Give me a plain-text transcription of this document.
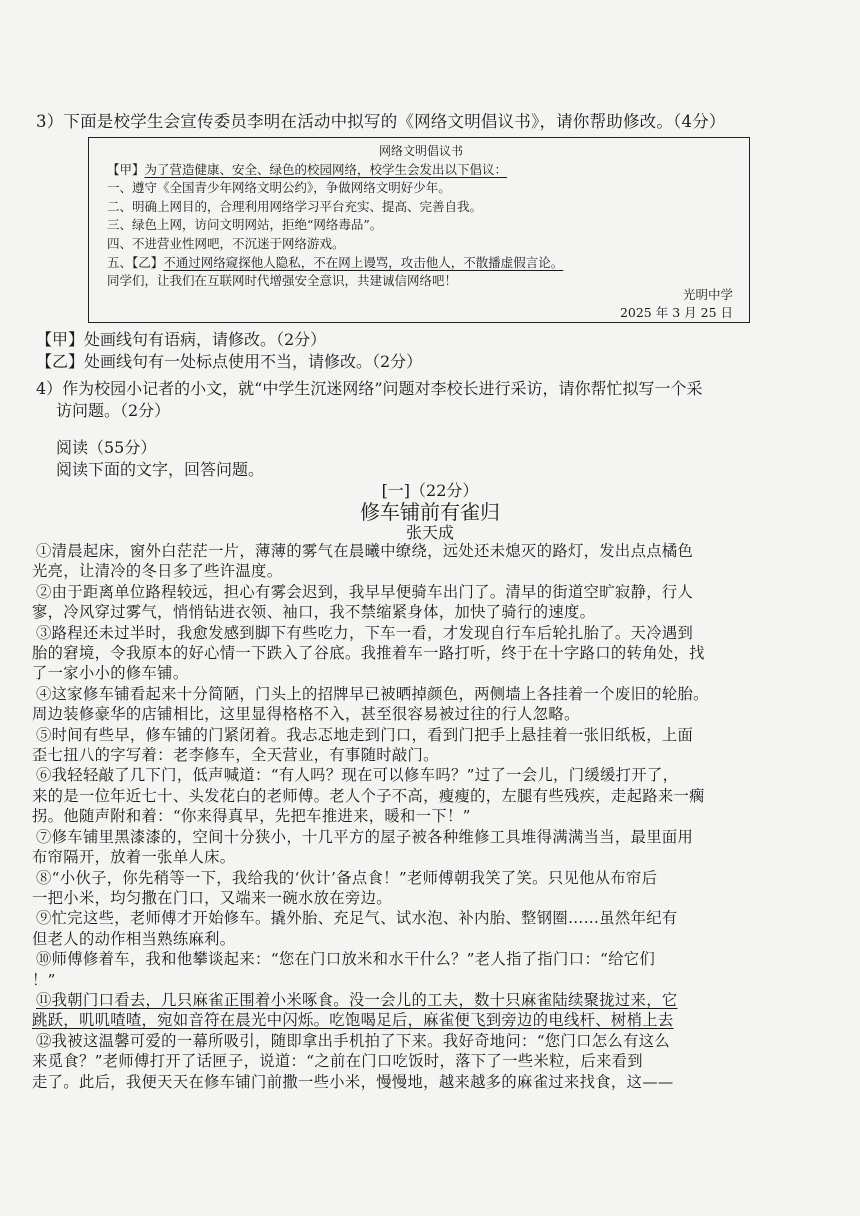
3）下面是校学生会宣传委员李明在活动中拟写的《网络文明倡议书》，请你帮助修改。（4分）
网络文明倡议书
【甲】为了营造健康、安全、绿色的校园网络，校学生会发出以下倡议：
一、遵守《全国青少年网络文明公约》，争做网络文明好少年。
二、明确上网目的，合理利用网络学习平台充实、提高、完善自我。
三、绿色上网，访问文明网站，拒绝“网络毒品”。
四、不进营业性网吧，不沉迷于网络游戏。
五、【乙】不通过网络窥探他人隐私，不在网上谩骂，攻击他人，不散播虚假言论。
同学们，让我们在互联网时代增强安全意识，共建诚信网络吧！
光明中学
2025 年 3 月 25 日
【甲】处画线句有语病，请修改。（2分）
【乙】处画线句有一处标点使用不当，请修改。（2分）
4）作为校园小记者的小文，就“中学生沉迷网络”问题对李校长进行采访，请你帮忙拟写一个采
访问题。（2分）
阅读（55分）
阅读下面的文字，回答问题。
[一]（22分）
修车铺前有雀归
张天成
①清晨起床，窗外白茫茫一片，薄薄的雾气在晨曦中缭绕，远处还未熄灭的路灯，发出点点橘色
光亮，让清冷的冬日多了些许温度。
②由于距离单位路程较远，担心有雾会迟到，我早早便骑车出门了。清早的街道空旷寂静，行人
寥，冷风穿过雾气，悄悄钻进衣领、袖口，我不禁缩紧身体，加快了骑行的速度。
③路程还未过半时，我愈发感到脚下有些吃力，下车一看，才发现自行车后轮扎胎了。天冷遇到
胎的窘境，令我原本的好心情一下跌入了谷底。我推着车一路打听，终于在十字路口的转角处，找
了一家小小的修车铺。
④这家修车铺看起来十分简陋，门头上的招牌早已被晒掉颜色，两侧墙上各挂着一个废旧的轮胎。
周边装修豪华的店铺相比，这里显得格格不入，甚至很容易被过往的行人忽略。
⑤时间有些早，修车铺的门紧闭着。我忐忑地走到门口，看到门把手上悬挂着一张旧纸板，上面
歪七扭八的字写着：老李修车，全天营业，有事随时敲门。
⑥我轻轻敲了几下门，低声喊道：“有人吗？现在可以修车吗？”过了一会儿，门缓缓打开了，
来的是一位年近七十、头发花白的老师傅。老人个子不高，瘦瘦的，左腿有些残疾，走起路来一瘸
拐。他随声附和着：“你来得真早，先把车推进来，暖和一下！”
⑦修车铺里黑漆漆的，空间十分狭小，十几平方的屋子被各种维修工具堆得满满当当，最里面用
布帘隔开，放着一张单人床。
⑧“小伙子，你先稍等一下，我给我的‘伙计’备点食！”老师傅朝我笑了笑。只见他从布帘后
一把小米，均匀撒在门口，又端来一碗水放在旁边。
⑨忙完这些，老师傅才开始修车。撬外胎、充足气、试水泡、补内胎、整钢圈……虽然年纪有
但老人的动作相当熟练麻利。
⑩师傅修着车，我和他攀谈起来：“您在门口放米和水干什么？”老人指了指门口：“给它们
！”
⑪我朝门口看去，几只麻雀正围着小米啄食。没一会儿的工夫，数十只麻雀陆续聚拢过来，它
跳跃，叽叽喳喳，宛如音符在晨光中闪烁。吃饱喝足后，麻雀便飞到旁边的电线杆、树梢上去
⑫我被这温馨可爱的一幕所吸引，随即拿出手机拍了下来。我好奇地问：“您门口怎么有这么
来觅食？”老师傅打开了话匣子，说道：“之前在门口吃饭时，落下了一些米粒，后来看到
走了。此后，我便天天在修车铺门前撒一些小米，慢慢地，越来越多的麻雀过来找食，这——
